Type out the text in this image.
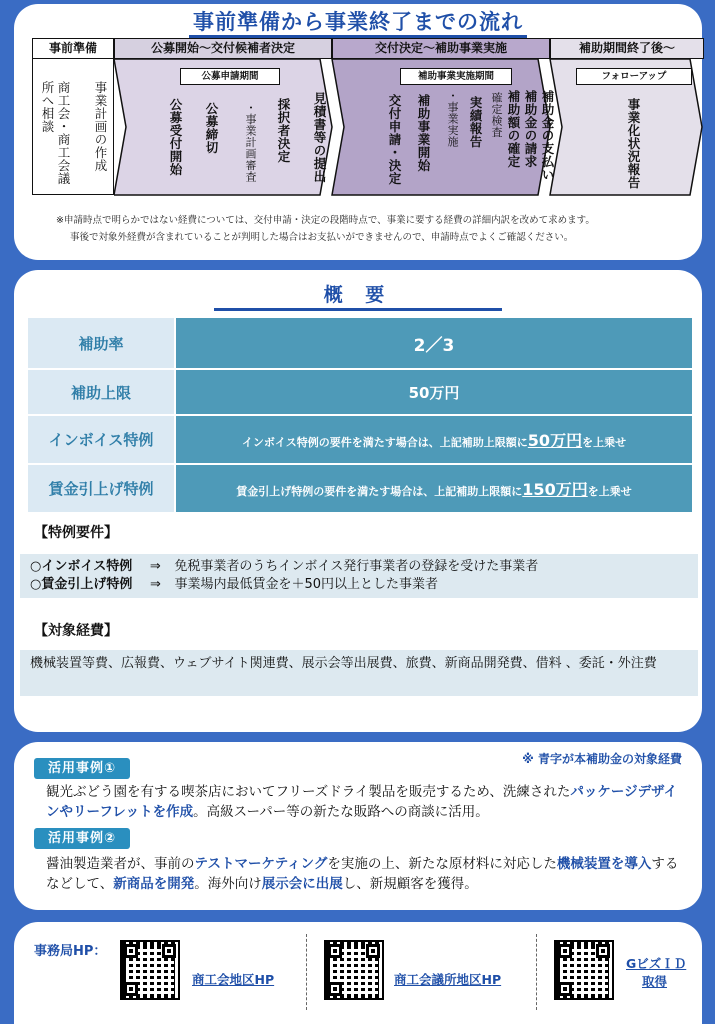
事前準備から事業終了までの流れ
事前準備	公募開始～交付候補者決定	交付決定～補助事業実施	補助期間終了後～
事業計画の作成
商工会・商工会議所へ相談
公募申請期間
見積書等の提出
採択者決定
・事業計画審査
公募締切
公募受付開始
補助事業実施期間
補助金の支払い
補助金の請求
補助額の確定
確定検査
実績報告
・事業実施
補助事業開始
交付申請・決定
フォローアップ
事業化状況報告
※申請時点で明らかではない経費については、交付申請・決定の段階時点で、事業に要する経費の詳細内訳を改めて求めます。
事後で対象外経費が含まれていることが判明した場合はお支払いができませんので、申請時点でよくご確認ください。
概 要
補助率	2／3
補助上限	50万円
インボイス特例	インボイス特例の要件を満たす場合は、上記補助上限額に50万円を上乗せ
賃金引上げ特例	賃金引上げ特例の要件を満たす場合は、上記補助上限額に150万円を上乗せ
【特例要件】
○インボイス特例 ⇒ 免税事業者のうちインボイス発行事業者の登録を受けた事業者
○賃金引上げ特例 ⇒ 事業場内最低賃金を＋50円以上とした事業者
【対象経費】
機械装置等費、広報費、ウェブサイト関連費、展示会等出展費、旅費、新商品開発費、借料 、委託・外注費
※ 青字が本補助金の対象経費
活用事例①
観光ぶどう園を有する喫茶店においてフリーズドライ製品を販売するため、洗練されたパッケージデザインやリーフレットを作成。高級スーパー等の新たな販路への商談に活用。
活用事例②
醤油製造業者が、事前のテストマーケティングを実施の上、新たな原材料に対応した機械装置を導入するなどして、新商品を開発。海外向け展示会に出展し、新規顧客を獲得。
事務局HP：
商工会地区HP	商工会議所地区HP
GビズＩＤ
取得
